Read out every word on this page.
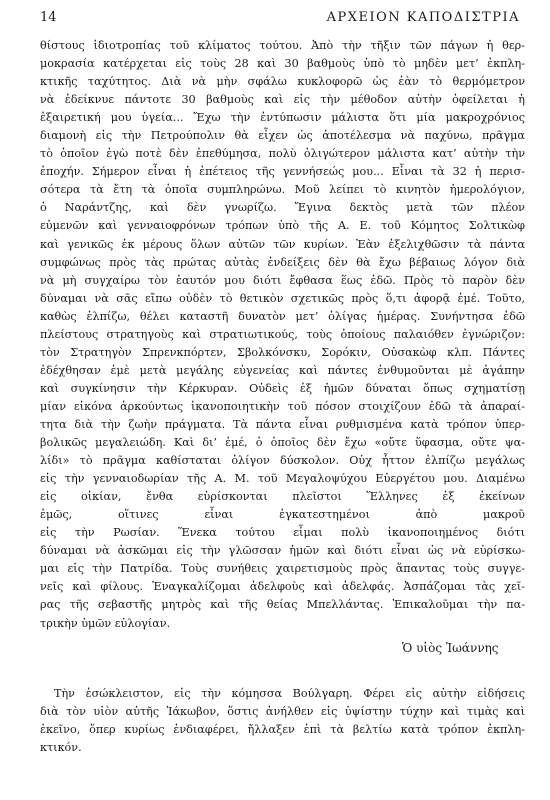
14	ΑΡΧΕΙΟΝ ΚΑΠΟΔΙΣΤΡΙΑ
θίστους ἰδιοτροπίας τοῦ κλίματος τούτου. Ἀπὸ τὴν τῆξιν τῶν πάγων ἡ θερ-
μοκρασία κατέρχεται εἰς τοὺς 28 καὶ 30 βαθμοὺς ὑπὸ τὸ μηδὲν μετ’ ἐκπλη-
κτικῆς ταχύτητος. Διὰ νὰ μὴν σφάλω κυκλοφορῶ ὡς ἐὰν τὸ θερμόμετρον
νὰ ἐδείκνυε πάντοτε 30 βαθμοὺς καὶ εἰς τὴν μέθοδον αὐτὴν ὀφείλεται ἡ
ἐξαιρετική μου ὑγεία... Ἔχω τὴν ἐντύπωσιν μάλιστα ὅτι μία μακροχρόνιος
διαμονὴ εἰς τὴν Πετρούπολιν θὰ εἶχεν ὡς ἀποτέλεσμα νὰ παχύνω, πρᾶγμα
τὸ ὁποῖον ἐγὼ ποτὲ δὲν ἐπεθύμησα, πολὺ ὀλιγώτερον μάλιστα κατ’ αὐτὴν τὴν
ἐποχήν. Σήμερον εἶναι ἡ ἐπέτειος τῆς γεννήσεώς μου... Εἶναι τὰ 32 ἡ περισ-
σότερα τὰ ἔτη τὰ ὁποῖα συμπληρώνω. Μοῦ λείπει τὸ κινητὸν ἡμερολόγιον,
ὁ Ναράντζης, καὶ δὲν γνωρίζω. Ἔγινα δεκτὸς μετὰ τῶν πλέον
εὐμενῶν καὶ γενναιοφρόνων τρόπων ὑπὸ τῆς Α. Ε. τοῦ Κόμητος Σολτικὼφ
καὶ γενικῶς ἐκ μέρους ὅλων αὐτῶν τῶν κυρίων. Ἐὰν ἐξελιχθῶσιν τὰ πάντα
συμφώνως πρὸς τὰς πρώτας αὐτὰς ἐνδείξεις δὲν θὰ ἔχω βέβαιως λόγον διὰ
νὰ μὴ συγχαίρω τὸν ἑαυτόν μου διότι ἔφθασα ἕως ἐδῶ. Πρὸς τὸ παρὸν δὲν
δύναμαι νὰ σᾶς εἴπω οὐδὲν τὸ θετικὸν σχετικῶς πρὸς ὅ,τι ἀφορᾷ ἐμέ. Τοῦτο,
καθὼς ἐλπίζω, θέλει καταστῆ δυνατὸν μετ’ ὀλίγας ἡμέρας. Συνήντησα ἐδῶ
πλείστους στρατηγοὺς καὶ στρατιωτικούς, τοὺς ὁποίους παλαιόθεν ἐγνώριζον:
τὸν Στρατηγὸν Σπρενκπόρτεν, Σβολκόνσκυ, Σορόκιν, Οὐσακὼφ κλπ. Πάντες
ἐδέχθησαν ἐμὲ μετὰ μεγάλης εὐγενείας καὶ πάντες ἐνθυμοῦνται μὲ ἀγάπην
καὶ συγκίνησιν τὴν Κέρκυραν. Οὐδεὶς ἐξ ἡμῶν δύναται ὅπως σχηματίσῃ
μίαν εἰκόνα ἀρκούντως ἱκανοποιητικὴν τοῦ πόσον στοιχίζουν ἐδῶ τὰ ἀπαραί-
τητα διὰ τὴν ζωὴν πράγματα. Τὰ πάντα εἶναι ρυθμισμένα κατὰ τρόπον ὑπερ-
βολικῶς μεγαλειώδη. Καὶ δι’ ἐμέ, ὁ ὁποῖος δὲν ἔχω «οὔτε ὕφασμα, οὔτε ψα-
λίδι» τὸ πρᾶγμα καθίσταται ὀλίγον δύσκολον. Οὐχ ἧττον ἐλπίζω μεγάλως
εἰς τὴν γενναιοδωρίαν τῆς Α. Μ. τοῦ Μεγαλοψύχου Εὐεργέτου μου. Διαμένω
εἰς οἰκίαν, ἔνθα εὑρίσκονται πλεῖστοι Ἕλληνες ἐξ ἐκείνων
ἐμῶς, οἵτινες εἶναι ἐγκατεστημένοι ἀπὸ μακροῦ
εἰς τὴν Ρωσίαν. Ἕνεκα τούτου εἶμαι πολὺ ἱκανοποιημένος διότι
δύναμαι νὰ ἀσκῶμαι εἰς τὴν γλῶσσαν ἡμῶν καὶ διότι εἶναι ὡς νὰ εὑρίσκω-
μαι εἰς τὴν Πατρίδα. Τοὺς συνήθεις χαιρετισμοὺς πρὸς ἅπαντας τοὺς συγγε-
νεῖς καὶ φίλους. Ἐναγκαλίζομαι ἀδελφοὺς καὶ ἀδελφάς. Ἀσπάζομαι τὰς χεῖ-
ρας τῆς σεβαστῆς μητρὸς καὶ τῆς θείας Μπελλάντας. Ἐπικαλοῦμαι τὴν πα-
τρικὴν ὑμῶν εὐλογίαν.
Ὁ υἱὸς Ἰωάννης
Τὴν ἐσώκλειστον, εἰς τὴν κόμησσα Βούλγαρη. Φέρει εἰς αὐτὴν εἰδήσεις
διὰ τὸν υἱὸν αὐτῆς Ἰάκωβον, ὅστις ἀνήλθεν εἰς ὑψίστην τύχην καὶ τιμὰς καὶ
ἐκεῖνο, ὅπερ κυρίως ἐνδιαφέρει, ἤλλαξεν ἐπὶ τὰ βελτίω κατὰ τρόπον ἐκπλη-
κτικόν.
